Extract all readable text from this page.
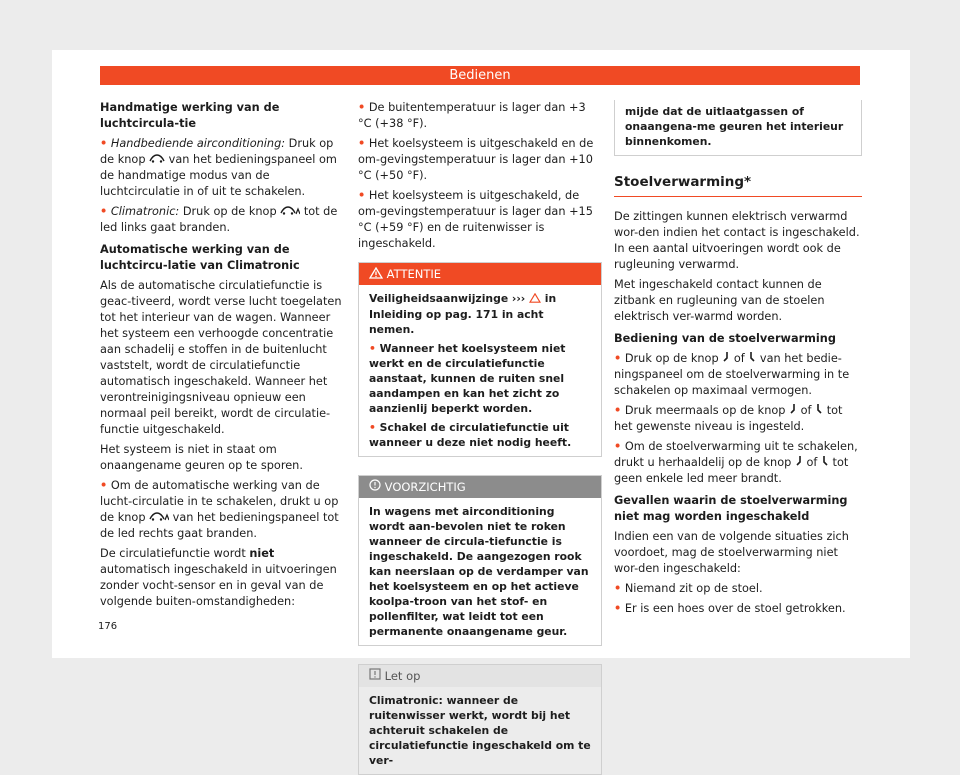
Bedienen
Handmatige werking van de luchtcircula-tie

• Handbediende airconditioning: Druk op de knop  van het bedieningspaneel om de handmatige modus van de luchtcirculatie in of uit te schakelen.

• Climatronic: Druk op de knop  tot de led links gaat branden.

Automatische werking van de luchtcircu-latie van Climatronic

Als de automatische circulatiefunctie is geac-tiveerd, wordt verse lucht toegelaten tot het interieur van de wagen. Wanneer het systeem een verhoogde concentratie aan schadelij e stoffen in de buitenlucht vaststelt, wordt de circulatiefunctie automatisch ingeschakeld. Wanneer het verontreinigingsniveau opnieuw een normaal peil bereikt, wordt de circulatie-functie uitgeschakeld.

Het systeem is niet in staat om onaangename geuren op te sporen.

• Om de automatische werking van de lucht-circulatie in te schakelen, drukt u op de knop  van het bedieningspaneel tot de led rechts gaat branden.

De circulatiefunctie wordt niet automatisch ingeschakeld in uitvoeringen zonder vocht-sensor en in geval van de volgende buiten-omstandigheden:

• De buitentemperatuur is lager dan +3 °C (+38 °F).

• Het koelsysteem is uitgeschakeld en de om-gevingstemperatuur is lager dan +10 °C (+50 °F).

• Het koelsysteem is uitgeschakeld, de om-gevingstemperatuur is lager dan +15 °C (+59 °F) en de ruitenwisser is ingeschakeld.

ATTENTIE

Veiligheidsaanwijzinge ›››  in Inleiding op pag. 171 in acht nemen.

• Wanneer het koelsysteem niet werkt en de circulatiefunctie aanstaat, kunnen de ruiten snel aandampen en kan het zicht zo aanzienlij beperkt worden.

• Schakel de circulatiefunctie uit wanneer u deze niet nodig heeft.

VOORZICHTIG
In wagens met airconditioning wordt aan-bevolen niet te roken wanneer de circula-tiefunctie is ingeschakeld. De aangezogen rook kan neerslaan op de verdamper van het koelsysteem en op het actieve koolpa-troon van het stof- en pollenfilter, wat leidt tot een permanente onaangename geur.
Let op
Climatronic: wanneer de ruitenwisser werkt, wordt bij het achteruit schakelen de circulatiefunctie ingeschakeld om te ver-
mijde dat de uitlaatgassen of onaangena-me geuren het interieur binnenkomen.
Stoelverwarming*

De zittingen kunnen elektrisch verwarmd wor-den indien het contact is ingeschakeld. In een aantal uitvoeringen wordt ook de rugleuning verwarmd.

Met ingeschakeld contact kunnen de zitbank en rugleuning van de stoelen elektrisch ver-warmd worden.

Bediening van de stoelverwarming

• Druk op de knop  of  van het bedie-ningspaneel om de stoelverwarming in te schakelen op maximaal vermogen.

• Druk meermaals op de knop  of  tot het gewenste niveau is ingesteld.

• Om de stoelverwarming uit te schakelen, drukt u herhaaldelij op de knop  of  tot geen enkele led meer brandt.

Gevallen waarin de stoelverwarming niet mag worden ingeschakeld

Indien een van de volgende situaties zich voordoet, mag de stoelverwarming niet wor-den ingeschakeld:

• Niemand zit op de stoel.

• Er is een hoes over de stoel getrokken.

176
